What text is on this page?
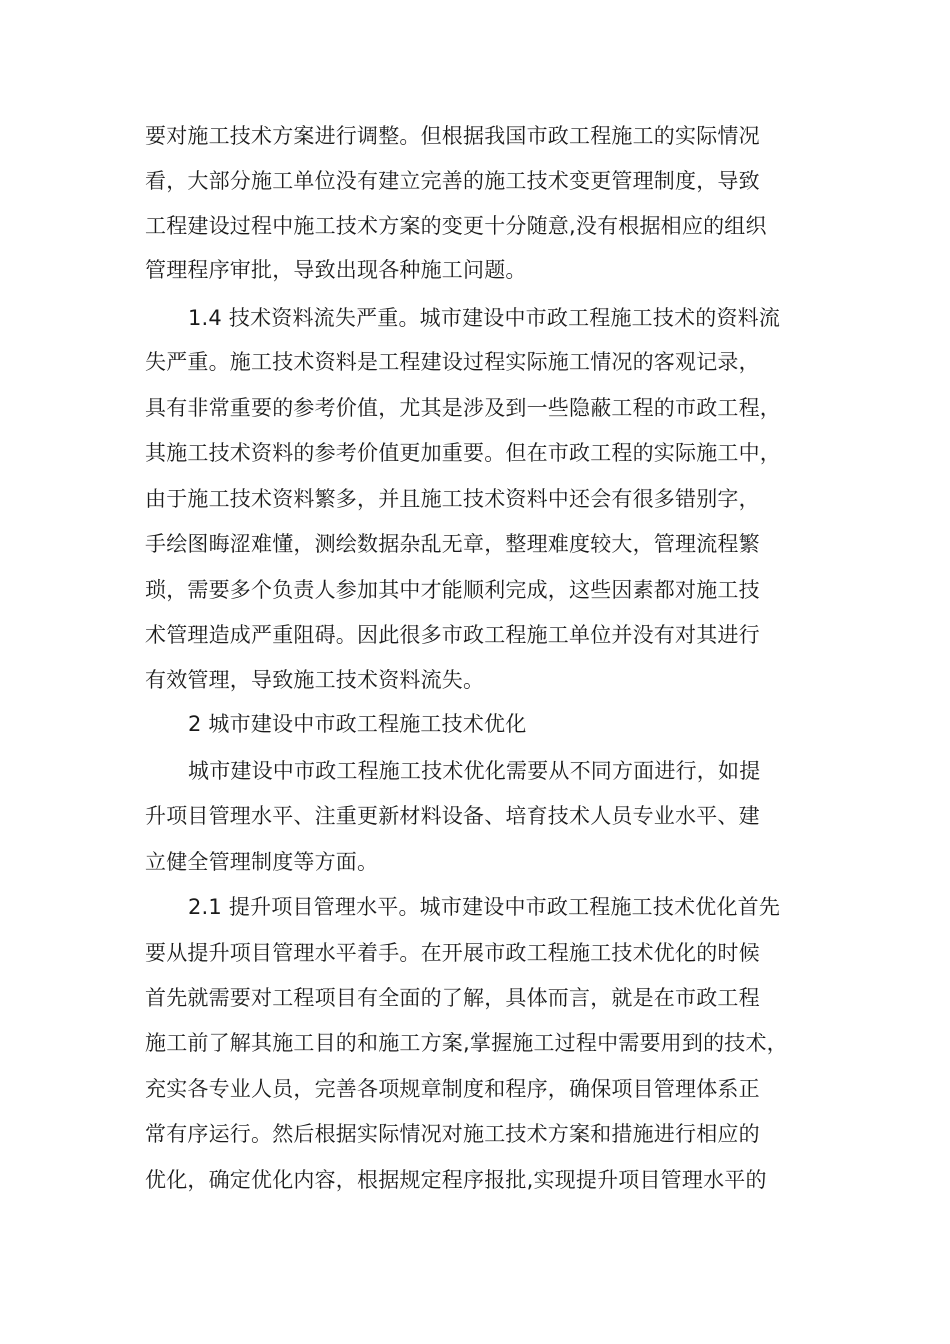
要对施工技术方案进行调整。但根据我国市政工程施工的实际情况
看，大部分施工单位没有建立完善的施工技术变更管理制度，导致
工程建设过程中施工技术方案的变更十分随意,没有根据相应的组织
管理程序审批，导致出现各种施工问题。
1.4 技术资料流失严重。城市建设中市政工程施工技术的资料流
失严重。施工技术资料是工程建设过程实际施工情况的客观记录，
具有非常重要的参考价值，尤其是涉及到一些隐蔽工程的市政工程，
其施工技术资料的参考价值更加重要。但在市政工程的实际施工中，
由于施工技术资料繁多，并且施工技术资料中还会有很多错别字，
手绘图晦涩难懂，测绘数据杂乱无章，整理难度较大，管理流程繁
琐，需要多个负责人参加其中才能顺利完成，这些因素都对施工技
术管理造成严重阻碍。因此很多市政工程施工单位并没有对其进行
有效管理，导致施工技术资料流失。
2 城市建设中市政工程施工技术优化
城市建设中市政工程施工技术优化需要从不同方面进行，如提
升项目管理水平、注重更新材料设备、培育技术人员专业水平、建
立健全管理制度等方面。
2.1 提升项目管理水平。城市建设中市政工程施工技术优化首先
要从提升项目管理水平着手。在开展市政工程施工技术优化的时候
首先就需要对工程项目有全面的了解，具体而言，就是在市政工程
施工前了解其施工目的和施工方案,掌握施工过程中需要用到的技术，
充实各专业人员，完善各项规章制度和程序，确保项目管理体系正
常有序运行。然后根据实际情况对施工技术方案和措施进行相应的
优化，确定优化内容，根据规定程序报批,实现提升项目管理水平的
